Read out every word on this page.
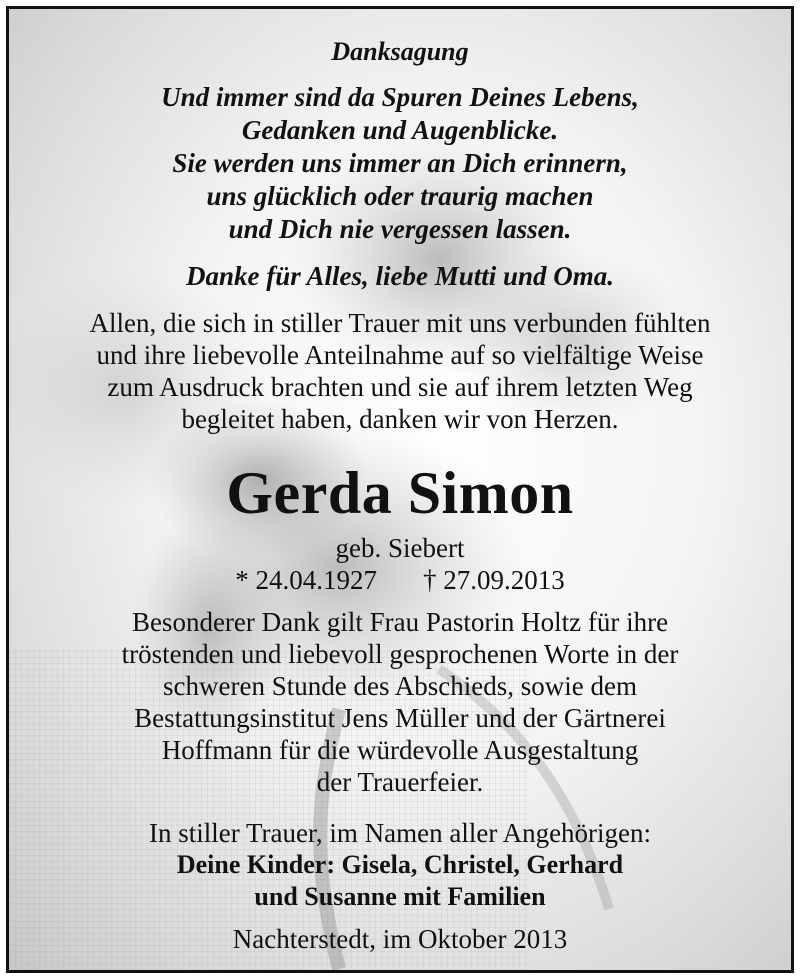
Danksagung
Und immer sind da Spuren Deines Lebens,
Gedanken und Augenblicke.
Sie werden uns immer an Dich erinnern,
uns glücklich oder traurig machen
und Dich nie vergessen lassen.
Danke für Alles, liebe Mutti und Oma.
Allen, die sich in stiller Trauer mit uns verbunden fühlten
und ihre liebevolle Anteilnahme auf so vielfältige Weise
zum Ausdruck brachten und sie auf ihrem letzten Weg
begleitet haben, danken wir von Herzen.
Gerda Simon
geb. Siebert
* 24.04.1927 † 27.09.2013
Besonderer Dank gilt Frau Pastorin Holtz für ihre
tröstenden und liebevoll gesprochenen Worte in der
schweren Stunde des Abschieds, sowie dem
Bestattungsinstitut Jens Müller und der Gärtnerei
Hoffmann für die würdevolle Ausgestaltung
der Trauerfeier.
In stiller Trauer, im Namen aller Angehörigen:
Deine Kinder: Gisela, Christel, Gerhard
und Susanne mit Familien
Nachterstedt, im Oktober 2013
